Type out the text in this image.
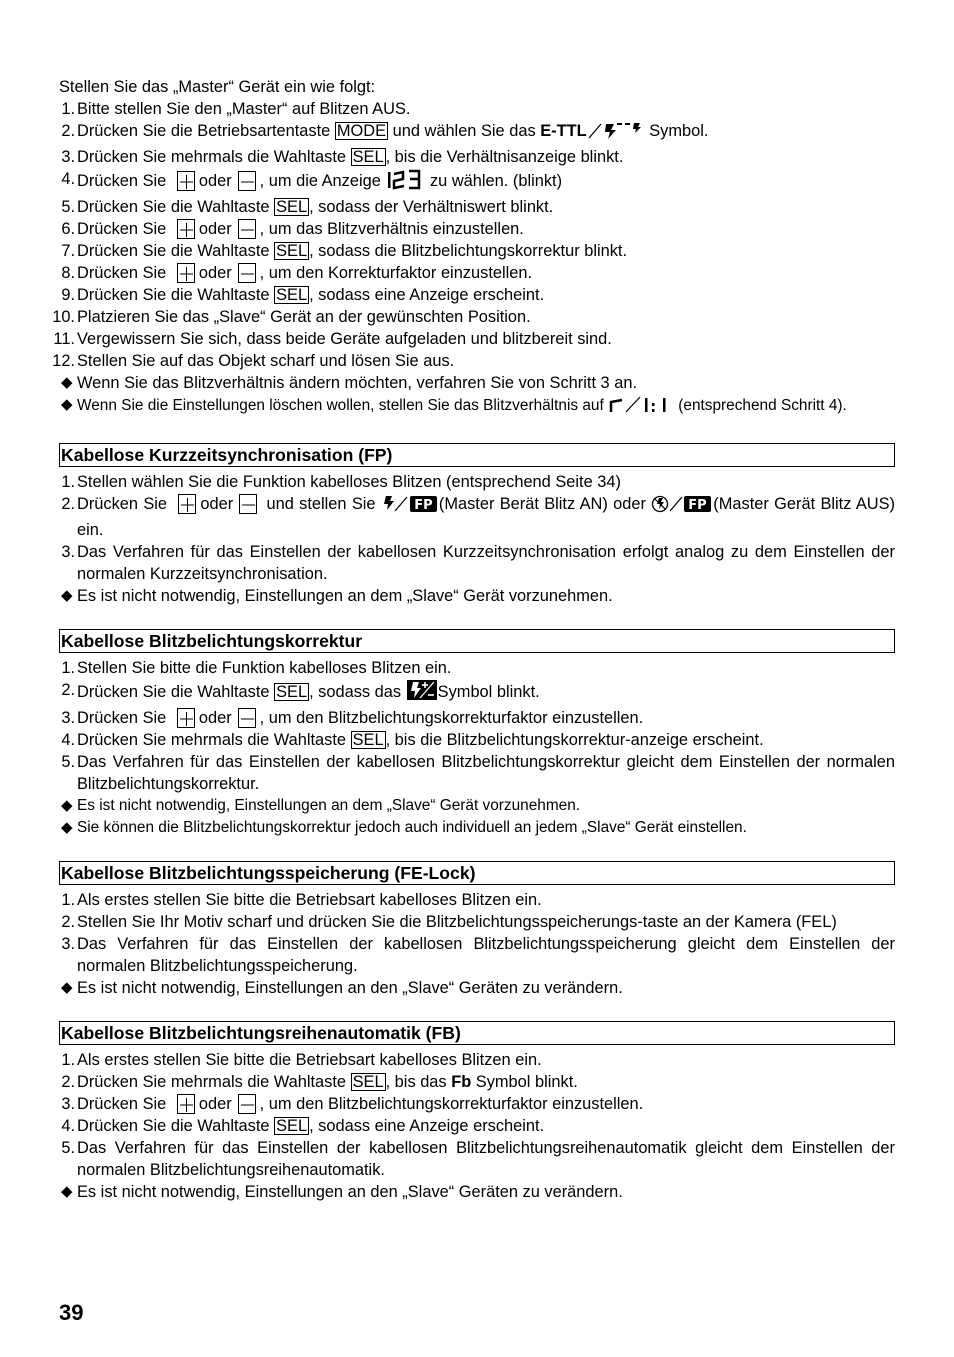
Stellen Sie das „Master“ Gerät ein wie folgt:
1. Bitte stellen Sie den „Master“ auf Blitzen AUS.
2. Drücken Sie die Betriebsartentaste MODE und wählen Sie das E-TTL	Symbol.
3. Drücken Sie mehrmals die Wahltaste SEL , bis die Verhältnisanzeige blinkt.
4. Drücken Sie
oder , um die Anzeige  zu wählen. (blinkt)
5. Drücken Sie die Wahltaste SEL , sodass der Verhältniswert blinkt.
6. Drücken Sie
oder , um das Blitzverhältnis einzustellen.
7. Drücken Sie die Wahltaste SEL , sodass die Blitzbelichtungskorrektur blinkt.
8. Drücken Sie
oder , um den Korrekturfaktor einzustellen.
9. Drücken Sie die Wahltaste SEL , sodass eine Anzeige erscheint.
10. Platzieren Sie das „Slave“ Gerät an der gewünschten Position.
11. Vergewissern Sie sich, dass beide Geräte aufgeladen und blitzbereit sind.
12. Stellen Sie auf das Objekt scharf und lösen Sie aus.
◆ Wenn Sie das Blitzverhältnis ändern möchten, verfahren Sie von Schritt 3 an.
◆ Wenn Sie die Einstellungen löschen wollen, stellen Sie das Blitzverhältnis auf	(entsprechend Schritt 4).
Kabellose Kurzzeitsynchronisation (FP)
1. Stellen wählen Sie die Funktion kabelloses Blitzen (entsprechend Seite 34)
2. Drücken Sie
oder
und stellen Sie	FP (Master Berät Blitz AN) oder	FP (Master Gerät Blitz AUS) ein.
3. Das Verfahren für das Einstellen der kabellosen Kurzzeitsynchronisation erfolgt analog zu dem Einstellen der normalen Kurzzeitsynchronisation.
◆ Es ist nicht notwendig, Einstellungen an dem „Slave“ Gerät vorzunehmen.
Kabellose Blitzbelichtungskorrektur
1. Stellen Sie bitte die Funktion kabelloses Blitzen ein.
2. Drücken Sie die Wahltaste SEL , sodass das Symbol blinkt.
3. Drücken Sie
oder , um den Blitzbelichtungskorrekturfaktor einzustellen.
4. Drücken Sie mehrmals die Wahltaste SEL , bis die Blitzbelichtungskorrektur-anzeige erscheint.
5. Das Verfahren für das Einstellen der kabellosen Blitzbelichtungskorrektur gleicht dem Einstellen der normalen Blitzbelichtungskorrektur.
◆ Es ist nicht notwendig, Einstellungen an dem „Slave“ Gerät vorzunehmen.
◆ Sie können die Blitzbelichtungskorrektur jedoch auch individuell an jedem „Slave“ Gerät einstellen.
Kabellose Blitzbelichtungsspeicherung (FE-Lock)
1. Als erstes stellen Sie bitte die Betriebsart kabelloses Blitzen ein.
2. Stellen Sie Ihr Motiv scharf und drücken Sie die Blitzbelichtungsspeicherungs-taste an der Kamera (FEL)
3. Das Verfahren für das Einstellen der kabellosen Blitzbelichtungsspeicherung gleicht dem Einstellen der normalen Blitzbelichtungsspeicherung.
◆ Es ist nicht notwendig, Einstellungen an den „Slave“ Geräten zu verändern.
Kabellose Blitzbelichtungsreihenautomatik (FB)
1. Als erstes stellen Sie bitte die Betriebsart kabelloses Blitzen ein.
2. Drücken Sie mehrmals die Wahltaste SEL , bis das Fb Symbol blinkt.
3. Drücken Sie
oder , um den Blitzbelichtungskorrekturfaktor einzustellen.
4. Drücken Sie die Wahltaste SEL , sodass eine Anzeige erscheint.
5. Das Verfahren für das Einstellen der kabellosen Blitzbelichtungsreihenautomatik gleicht dem Einstellen der normalen Blitzbelichtungsreihenautomatik.
◆ Es ist nicht notwendig, Einstellungen an den „Slave“ Geräten zu verändern.
39
